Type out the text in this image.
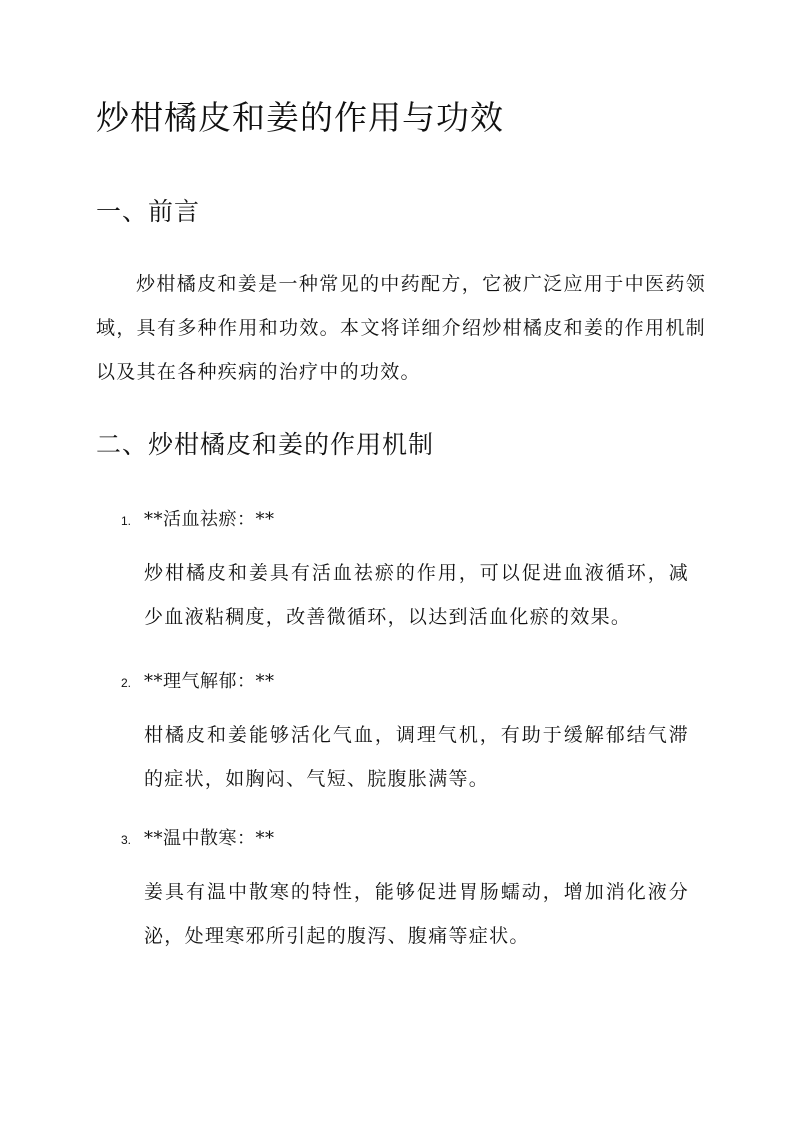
炒柑橘皮和姜的作用与功效
一、前言

炒柑橘皮和姜是一种常见的中药配方，它被广泛应用于中医药领域，具有多种作用和功效。本文将详细介绍炒柑橘皮和姜的作用机制以及其在各种疾病的治疗中的功效。

二、炒柑橘皮和姜的作用机制
1. **活血祛瘀：**

炒柑橘皮和姜具有活血祛瘀的作用，可以促进血液循环，减少血液粘稠度，改善微循环，以达到活血化瘀的效果。

2. **理气解郁：**

柑橘皮和姜能够活化气血，调理气机，有助于缓解郁结气滞的症状，如胸闷、气短、脘腹胀满等。

3. **温中散寒：**

姜具有温中散寒的特性，能够促进胃肠蠕动，增加消化液分泌，处理寒邪所引起的腹泻、腹痛等症状。
